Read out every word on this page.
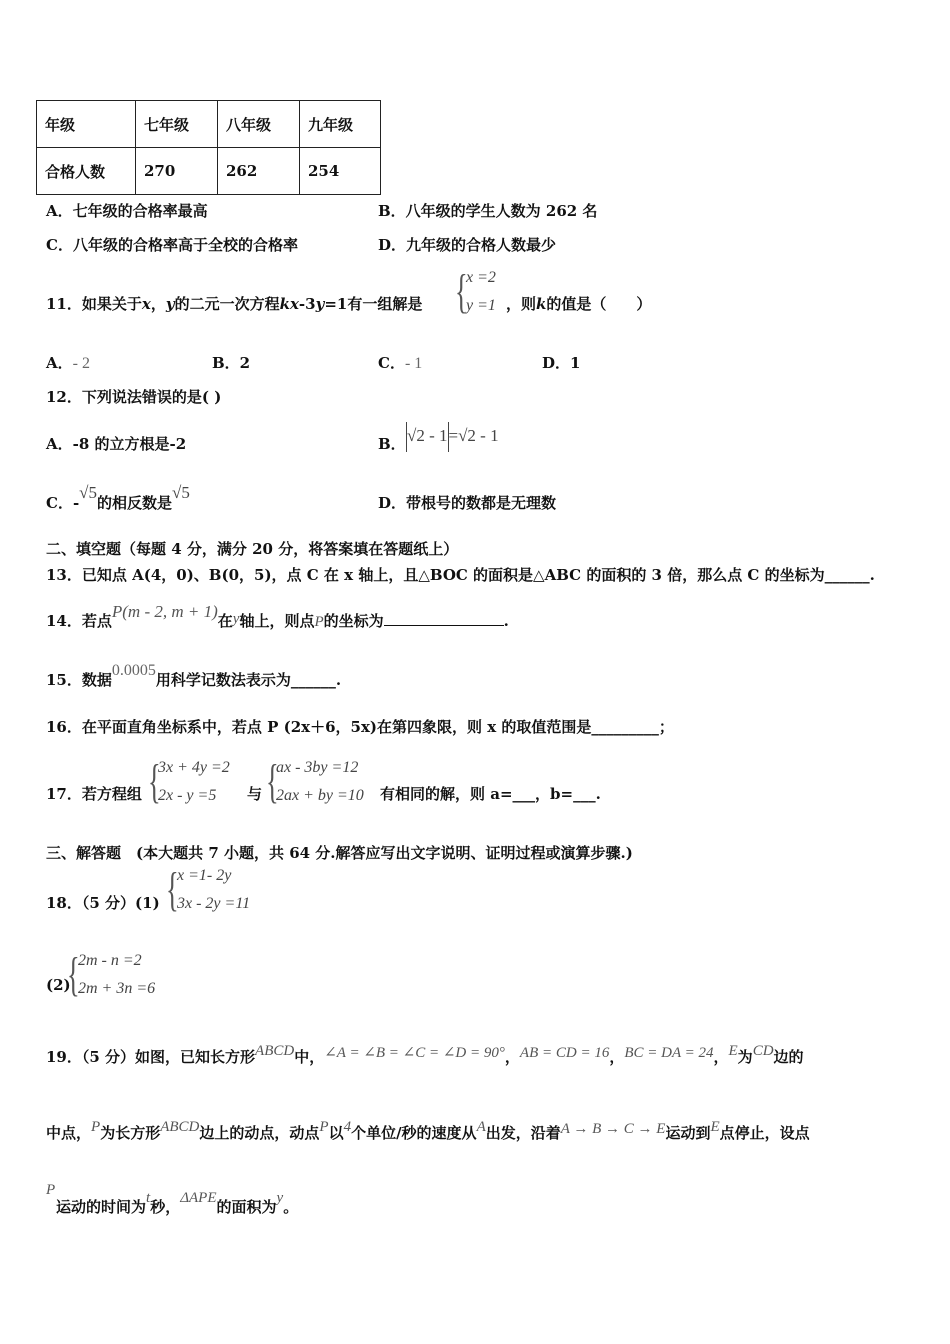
年级	七年级	八年级	九年级
合格人数	270	262	254
A．七年级的合格率最高	B．八年级的学生人数为 262 名
C．八年级的合格率高于全校的合格率	D．九年级的合格人数最少
11．如果关于x，y的二元一次方程kx-3y=1有一组解是 {
x =2
y =1 ，则k的值是（　　）
A．- 2	B．2	C．- 1	D．1
12．下列说法错误的是( )
A．-8 的立方根是-2	B． √2 - 1=√2 - 1
C．-√5的相反数是√5
D．带根号的数都是无理数
二、填空题（每题 4 分，满分 20 分，将答案填在答题纸上）
13．已知点 A(4，0)、B(0，5)，点 C 在 x 轴上，且△BOC 的面积是△ABC 的面积的 3 倍，那么点 C 的坐标为______.
14．若点P(m - 2, m + 1)在y轴上，则点P的坐标为	.
15．数据0.0005用科学记数法表示为______.
16．在平面直角坐标系中，若点 P (2x＋6，5x)在第四象限，则 x 的取值范围是_________；
17．若方程组 {
3x + 4y =2
2x - y =5	与 {
ax - 3by =12
2ax + by =10 有相同的解，则 a=___，b=___.
三、解答题　(本大题共 7 小题，共 64 分.解答应写出文字说明、证明过程或演算步骤.)
18．（5 分）(1) {
x =1- 2y
3x - 2y =11
(2)
{
2m - n =2
2m + 3n =6
19．（5 分）如图，已知长方形ABCD中，∠A = ∠B = ∠C = ∠D = 90°，AB = CD = 16，BC = DA = 24，E为CD边的
中点，P为长方形ABCD边上的动点，动点P以4个单位/秒的速度从A出发，沿着A → B → C → E运动到E点停止，设点
P
运动的时间为t秒，ΔAPE的面积为y。
